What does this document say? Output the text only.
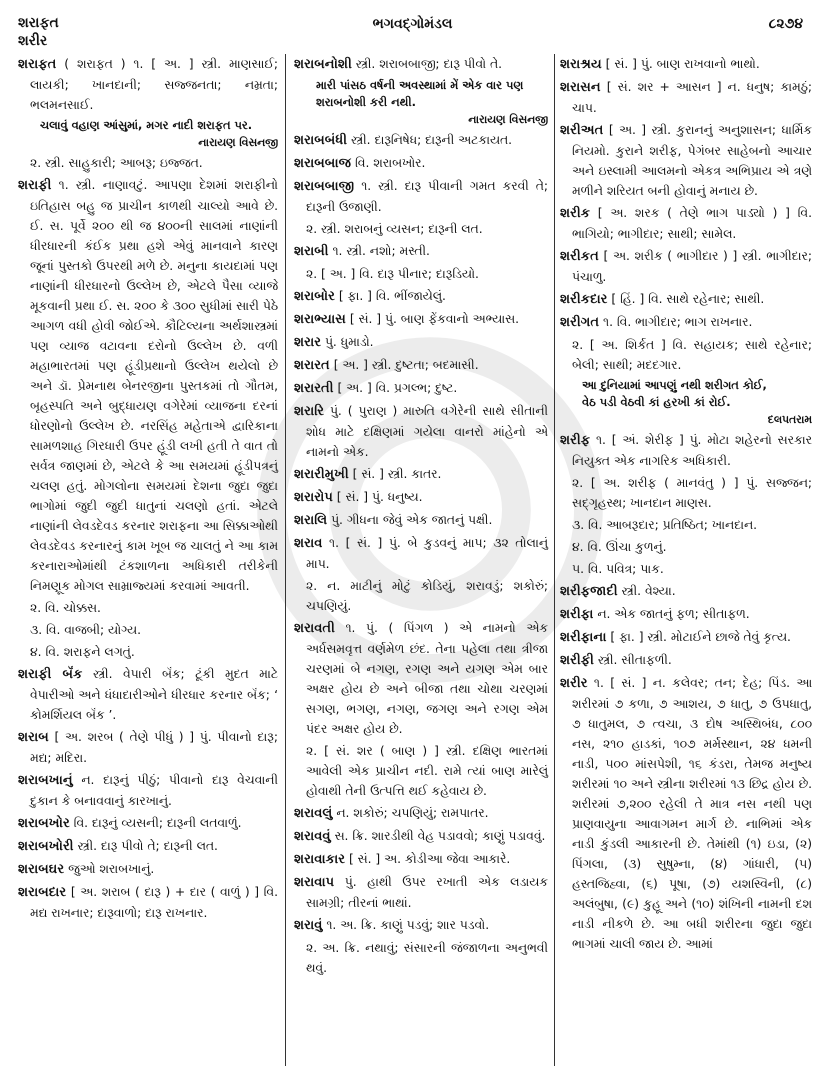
શરાફત
શરીર
ભગવદ્‌ગોમંડલ	૮૨૭૪
શરાફત ( શરાફત ) ૧. [ અ. ] સ્ત્રી. માણસાઈ; લાયકી; ખાનદાની; સજ્જનતા; નમ્રતા; ભલમનસાઈ.
ચલાવું વહાણ આંસુમાં, મગર નાદી શરાફત પર.
નારાયણ વિસનજી
૨. સ્ત્રી. સાહુકારી; આબરૂ; ઇજ્જત.
શરાફી ૧. સ્ત્રી. નાણાવટું. આપણા દેશમાં શરાફીનો ઇતિહાસ બહુ જ પ્રાચીન કાળથી ચાલ્યો આવે છે. ઈ. સ. પૂર્વે ૨૦૦ થી જ ૪૦૦ની સાલમાં નાણાંની ધીરધારની કંઈક પ્રથા હશે એવું માનવાને કારણ જૂનાં પુસ્તકો ઉપરથી મળે છે. મનુના કાયદામાં પણ નાણાંની ધીરધારનો ઉલ્લેખ છે, એટલે પૈસા વ્યાજે મૂકવાની પ્રથા ઈ. સ. ૨૦૦ કે ૩૦૦ સુધીમાં સારી પેઠે આગળ વધી હોવી જોઈએ. કૌટિલ્યના અર્થશાસ્ત્રમાં પણ વ્યાજ વટાવના દરોનો ઉલ્લેખ છે. વળી મહાભારતમાં પણ હૂંડીપ્રથાનો ઉલ્લેખ થયેલો છે અને ડૉ. પ્રેમનાથ બેનરજીના પુસ્તકમાં તો ગૌતમ, બૃહસ્પતિ અને બુદ્ધાયણ વગેરેમાં વ્યાજના દરનાં ધોરણોનો ઉલ્લેખ છે. નરસિંહ મહેતાએ દ્વારિકાના સામળશાહ ગિરધારી ઉપર હૂંડી લખી હતી તે વાત તો સર્વત્ર જાણમાં છે, એટલે કે આ સમયમાં હૂંડીપત્રનું ચલણ હતું. મોગલોના સમયમાં દેશના જુદા જુદા ભાગોમાં જુદી જુદી ધાતુનાં ચલણો હતાં. એટલે નાણાંની લેવડદેવડ કરનાર શરાફના આ સિક્કાઓથી લેવડદેવડ કરનારનું કામ ખૂબ જ ચાલતું ને આ કામ કરનારાઓમાંથી ટંકશાળના અધિકારી તરીકેની નિમણૂક મોગલ સામ્રાજ્યમાં કરવામાં આવતી.
૨. વિ. ચોક્કસ.
૩. વિ. વાજબી; યોગ્ય.
૪. વિ. શરાફને લગતું.
શરાફી બૅંક સ્ત્રી. વેપારી બૅંક; ટૂંકી મુદત માટે વેપારીઓ અને ધંધાદારીઓને ધીરધાર કરનાર બૅંક; ‘ કોમર્શિયલ બૅંક ’.
શરાબ [ અ. શરબ ( તેણે પીધું ) ] પું. પીવાનો દારૂ; મદ્ય; મદિરા.
શરાબખાનું ન. દારૂનું પીઠું; પીવાનો દારૂ વેચવાની દુકાન કે બનાવવાનું કારખાનું.
શરાબખોર વિ. દારૂનું વ્યસની; દારૂની લતવાળું.
શરાબખોરી સ્ત્રી. દારૂ પીવો તે; દારૂની લત.
શરાબઘર જુઓ શરાબખાનું.
શરાબદાર [ અ. શરાબ ( દારૂ ) + દાર ( વાળું ) ] વિ. મદ્ય રાખનાર; દારૂવાળો; દારૂ રાખનાર.
શરાબનોશી સ્ત્રી. શરાબબાજી; દારૂ પીવો તે.
મારી પાંસઠ વર્ષની અવસ્થામાં મેં એક વાર પણ શરાબનોશી કરી નથી.
નારાયણ વિસનજી
શરાબબંધી સ્ત્રી. દારૂનિષેધ; દારૂની અટકાયત.
શરાબબાજ વિ. શરાબખોર.
શરાબબાજી ૧. સ્ત્રી. દારૂ પીવાની ગમત કરવી તે; દારૂની ઉજાણી.
૨. સ્ત્રી. શરાબનું વ્યસન; દારૂની લત.
શરાબી ૧. સ્ત્રી. નશો; મસ્તી.
૨. [ અ. ] વિ. દારૂ પીનાર; દારૂડિયો.
શરાબોર [ ફા. ] વિ. ભીંજાયેલું.
શરાભ્યાસ [ સં. ] પું. બાણ ફેંકવાનો અભ્યાસ.
શરાર પું. ધુમાડો.
શરારત [ અ. ] સ્ત્રી. દુષ્ટતા; બદમાસી.
શરારતી [ અ. ] વિ. પ્રગલ્ભ; દુષ્ટ.
શરારિ પું. ( પુરાણ ) મારુતિ વગેરેની સાથે સીતાની શોધ માટે દક્ષિણમાં ગયેલા વાનરો માંહેનો એ નામનો એક.
શરારીમુખી [ સં. ] સ્ત્રી. કાતર.
શરારોપ [ સં. ] પું. ધનુષ્ય.
શરાલિ પું. ગીધના જેવું એક જાતનું પક્ષી.
શરાવ ૧. [ સં. ] પું. બે કુડવનું માપ; ૩૨ તોલાનું માપ.
૨. ન. માટીનું મોટું કોડિયું, શરાવડું; શકોરું; ચપણિયું.
શરાવતી ૧. પું. ( પિંગળ ) એ નામનો એક અર્ધસમવૃત્ત વર્ણમેળ છંદ. તેના પહેલા તથા ત્રીજા ચરણમાં બે નગણ, રગણ અને યગણ એમ બાર અક્ષર હોય છે અને બીજા તથા ચોથા ચરણમાં સગણ, ભગણ, નગણ, જગણ અને રગણ એમ પંદર અક્ષર હોય છે.
૨. [ સં. શર ( બાણ ) ] સ્ત્રી. દક્ષિણ ભારતમાં આવેલી એક પ્રાચીન નદી. રામે ત્યાં બાણ મારેલું હોવાથી તેની ઉત્પત્તિ થઈ કહેવાય છે.
શરાવલું ન. શકોરું; ચપણિયું; રામપાતર.
શરાવવું સ. ક્રિ. શારડીથી વેહ પડાવવો; કાણું પડાવવું.
શરાવાકાર [ સં. ] અ. કોડીઆ જેવા આકારે.
શરાવાપ પું. હાથી ઉપર રખાતી એક લડાયક સામગ્રી; તીરનાં ભાથાં.
શરાવું ૧. અ. ક્રિ. કાણું પડવું; શાર પડવો.
૨. અ. ક્રિ. નથાવું; સંસારની જંજાળના અનુભવી થવું.
શરાશ્રય [ સં. ] પું. બાણ રાખવાનો ભાથો.
શરાસન [ સં. શર + આસન ] ન. ધનુષ; કામઠું; ચાપ.
શરીઅત [ અ. ] સ્ત્રી. કુરાનનું અનુશાસન; ધાર્મિક નિયમો. કુરાને શરીફ, પેગંબર સાહેબનો આચાર અને ઇસ્લામી આલમનો એકત્ર અભિપ્રાય એ ત્રણે મળીને શરિયત બની હોવાનું મનાય છે.
શરીક [ અ. શરક ( તેણે ભાગ પાડ્યો ) ] વિ. ભાગિયો; ભાગીદાર; સાથી; સામેલ.
શરીકત [ અ. શરીક ( ભાગીદાર ) ] સ્ત્રી. ભાગીદાર; પંચાળુ.
શરીકદાર [ હિં. ] વિ. સાથે રહેનાર; સાથી.
શરીગત ૧. વિ. ભાગીદાર; ભાગ રાખનાર.
૨. [ અ. શિર્કત ] વિ. સહાયક; સાથે રહેનાર; બેલી; સાથી; મદદગાર.
આ દુનિયામાં આપણું નથી શરીગત કોઈ,
વેઠ પડી વેઠવી કાં હરખી કાં રોઈ.
દલપતરામ
શરીફ ૧. [ અં. શેરીફ ] પું. મોટા શહેરનો સરકાર નિયુક્ત એક નાગરિક અધિકારી.
૨. [ અ. શરીફ ( માનવંતુ ) ] પું. સજ્જન; સદ્‌ગૃહસ્થ; ખાનદાન માણસ.
૩. વિ. આબરૂદાર; પ્રતિષ્ઠિત; ખાનદાન.
૪. વિ. ઊંચા કુળનું.
૫. વિ. પવિત્ર; પાક.
શરીફજાદી સ્ત્રી. વેશ્યા.
શરીફા ન. એક જાતનું ફળ; સીતાફળ.
શરીફાના [ ફા. ] સ્ત્રી. મોટાઈને છાજે તેવું કૃત્ય.
શરીફી સ્ત્રી. સીતાફળી.
શરીર ૧. [ સં. ] ન. કલેવર; તન; દેહ; પિંડ. આ શરીરમાં ૭ કળા, ૭ આશય, ૭ ધાતુ, ૭ ઉપધાતુ, ૭ ધાતુમલ, ૭ ત્વચા, ૩ દોષ અસ્થિબંધ, ૮૦૦ નસ, ૨૧૦ હાડકાં, ૧૦૭ મર્મસ્થાન, ૨૪ ધમની નાડી, ૫૦૦ માંસપેશી, ૧૬ કંડરા, તેમજ મનુષ્ય શરીરમાં ૧૦ અને સ્ત્રીના શરીરમાં ૧૩ છિદ્ર હોય છે. શરીરમાં ૭,૨૦૦ રહેલી તે માત્ર નસ નથી પણ પ્રાણવાયુના આવાગમન માર્ગ છે. નાભિમાં એક નાડી કુંડલી આકારની છે. તેમાંથી (૧) ઇડા, (૨) પિંગલા, (૩) સુષુમ્ના, (૪) ગાંધારી, (૫) હસ્તજિહ્વા, (૬) પૂષા, (૭) યશસ્વિની, (૮) અલંબુષા, (૯) કુહૂ અને (૧૦) શંખિની નામની દશ નાડી નીકળે છે. આ બધી શરીરના જુદા જુદા ભાગમાં ચાલી જાય છે. આમાં
